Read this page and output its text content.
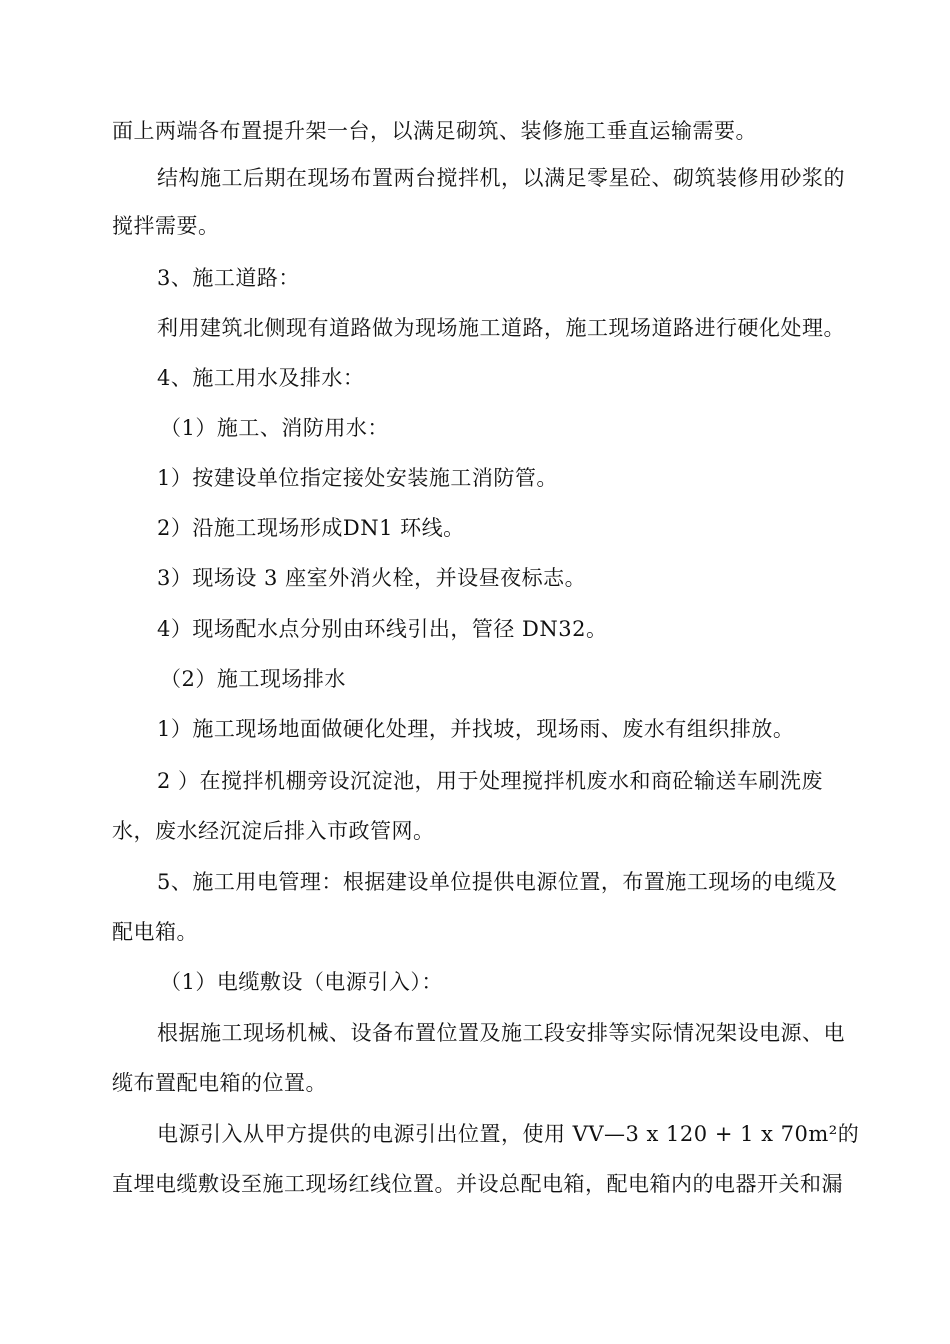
面上两端各布置提升架一台，以满足砌筑、装修施工垂直运输需要。
结构施工后期在现场布置两台搅拌机，以满足零星砼、砌筑装修用砂浆的
搅拌需要。
3、施工道路：
利用建筑北侧现有道路做为现场施工道路，施工现场道路进行硬化处理。
4、施工用水及排水：
（1）施工、消防用水：
1）按建设单位指定接处安装施工消防管。
2）沿施工现场形成DN1 环线。
3）现场设 3 座室外消火栓，并设昼夜标志。
4）现场配水点分别由环线引出，管径 DN32。
（2）施工现场排水
1）施工现场地面做硬化处理，并找坡，现场雨、废水有组织排放。
2 ）在搅拌机棚旁设沉淀池，用于处理搅拌机废水和商砼输送车刷洗废
水，废水经沉淀后排入市政管网。
5、施工用电管理：根据建设单位提供电源位置，布置施工现场的电缆及
配电箱。
（1）电缆敷设（电源引入）：
根据施工现场机械、设备布置位置及施工段安排等实际情况架设电源、电
缆布置配电箱的位置。
电源引入从甲方提供的电源引出位置，使用 VV—3 x 120 + 1 x 70m²的
直埋电缆敷设至施工现场红线位置。并设总配电箱，配电箱内的电器开关和漏
